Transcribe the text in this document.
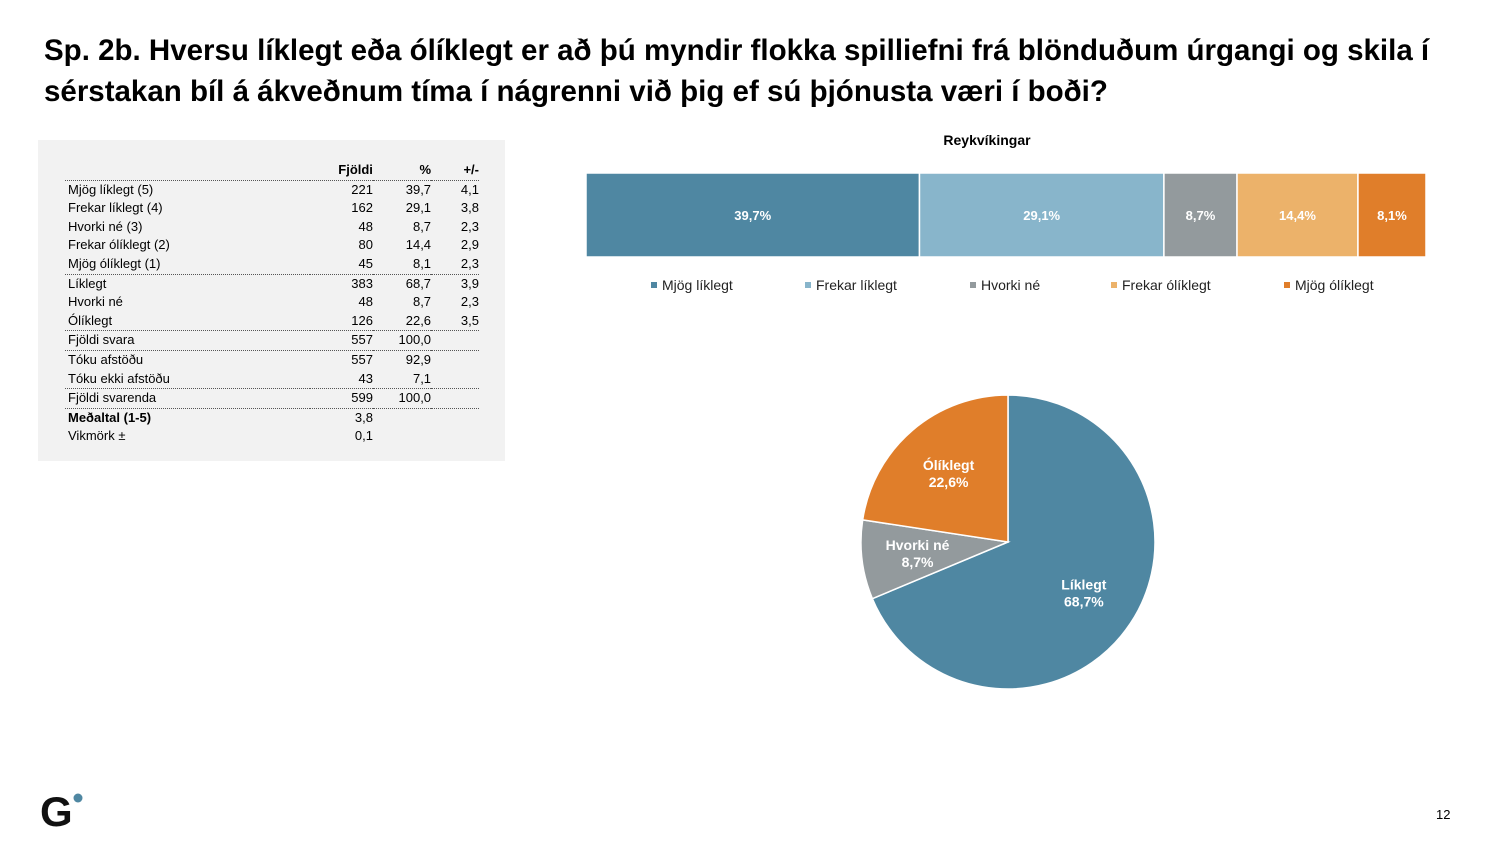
Sp. 2b. Hversu líklegt eða ólíklegt er að þú myndir flokka spilliefni frá blönduðum úrgangi og skila í sérstakan bíl á ákveðnum tíma í nágrenni við þig ef sú þjónusta væri í boði?
	Fjöldi	%	+/-
Mjög líklegt (5)	221	39,7	4,1
Frekar líklegt (4)	162	29,1	3,8
Hvorki né (3)	48	8,7	2,3
Frekar ólíklegt (2)	80	14,4	2,9
Mjög ólíklegt (1)	45	8,1	2,3
Líklegt	383	68,7	3,9
Hvorki né	48	8,7	2,3
Ólíklegt	126	22,6	3,5
Fjöldi svara	557	100,0	
Tóku afstöðu	557	92,9	
Tóku ekki afstöðu	43	7,1	
Fjöldi svarenda	599	100,0	
Meðaltal (1-5)	3,8		
Vikmörk ±	0,1		
Reykvíkingar
39,7%	29,1%	8,7%	14,4%	8,1%
Mjög líklegt	Frekar líklegt	Hvorki né	Frekar ólíklegt	Mjög ólíklegt
Líklegt
68,7%
Hvorki né
8,7%
Ólíklegt
22,6%
G	12
